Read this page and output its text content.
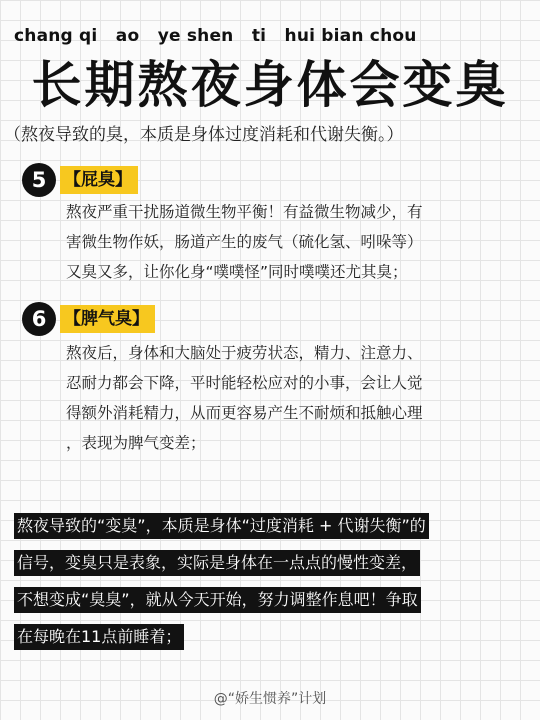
chang qi   ao   ye shen   ti   hui bian chou
长期熬夜身体会变臭
（熬夜导致的臭，本质是身体过度消耗和代谢失衡。）
5	【屁臭】
熬夜严重干扰肠道微生物平衡！有益微生物减少，有
害微生物作妖，肠道产生的废气（硫化氢、吲哚等）
又臭又多，让你化身“噗噗怪”同时噗噗还尤其臭；
6	【脾气臭】
熬夜后，身体和大脑处于疲劳状态，精力、注意力、
忍耐力都会下降，平时能轻松应对的小事，会让人觉
得额外消耗精力，从而更容易产生不耐烦和抵触心理
，表现为脾气变差；
熬夜导致的“变臭”，本质是身体“过度消耗 + 代谢失衡”的
信号，变臭只是表象，实际是身体在一点点的慢性变差，
不想变成“臭臭”，就从今天开始，努力调整作息吧！争取
在每晚在11点前睡着；
@“娇生惯养”计划
